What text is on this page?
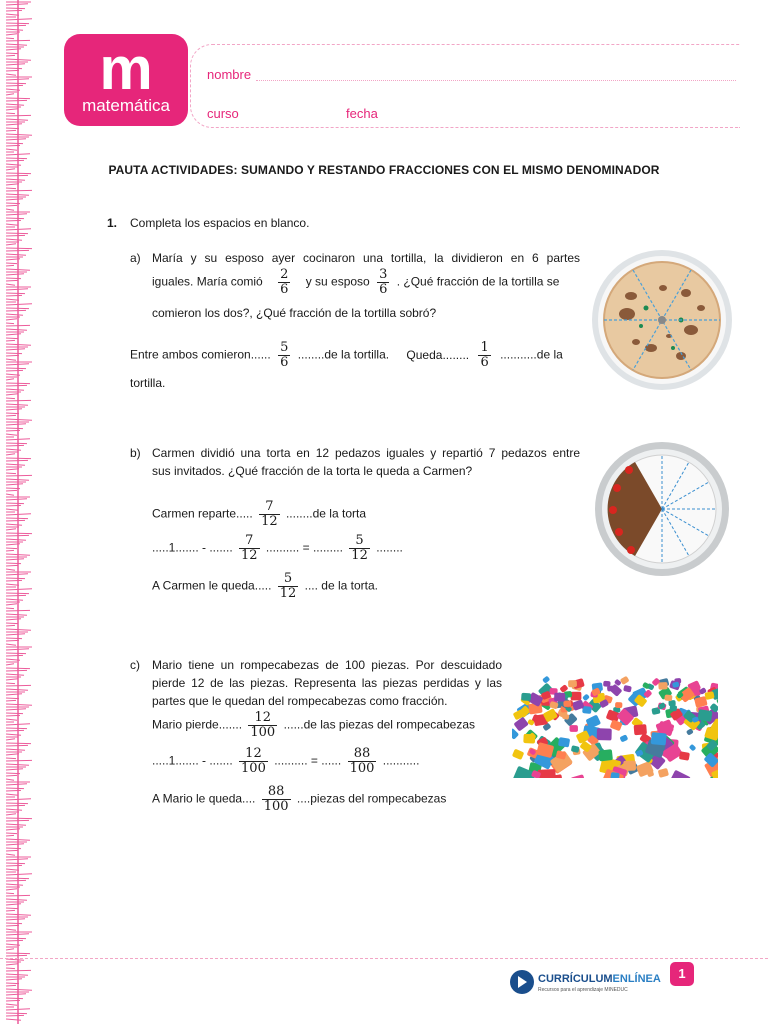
m
matemática
4° básico
nombre
curso	fecha
PAUTA ACTIVIDADES: SUMANDO Y RESTANDO FRACCIONES CON EL MISMO DENOMINADOR
1. Completa los espacios en blanco.
a) María y su esposo ayer cocinaron una tortilla, la dividieron en 6 partes
iguales. María comió $\frac{2}{6}$ y su esposo $\frac{3}{6}$ . ¿Qué fracción de la tortilla se
comieron los dos?, ¿Qué fracción de la tortilla sobró?
Entre ambos comieron...... $\frac{5}{6} ........de$ la tortilla. Queda........ $\frac{1}{6} ...........de$ la
tortilla.
b) Carmen dividió una torta en 12 pedazos iguales y repartió 7 pedazos entre
sus invitados. ¿Qué fracción de la torta le queda a Carmen?
Carmen reparte..... $\frac{7}{12} ........de$ la torta
.....1....... - ....... $\frac{7}{12}$ .......... = ......... $\frac{5}{12}$ ........
A Carmen le queda..... $\frac{5}{12}$ .... de la torta.
c) Mario tiene un rompecabezas de 100 piezas. Por descuidado
pierde 12 de las piezas. Representa las piezas perdidas y las
partes que le quedan del rompecabezas como fracción.
Mario pierde....... $\frac{12}{100} ......de$ las piezas del rompecabezas
.....1....... - ....... $\frac{12}{100}$ .......... = ...... $\frac{88}{100}$ ...........
A Mario le queda.... $\frac{88}{100}$ ....piezas del rompecabezas
CURRÍCULUMENLÍNEA
Recursos para el aprendizaje MINEDUC
1
